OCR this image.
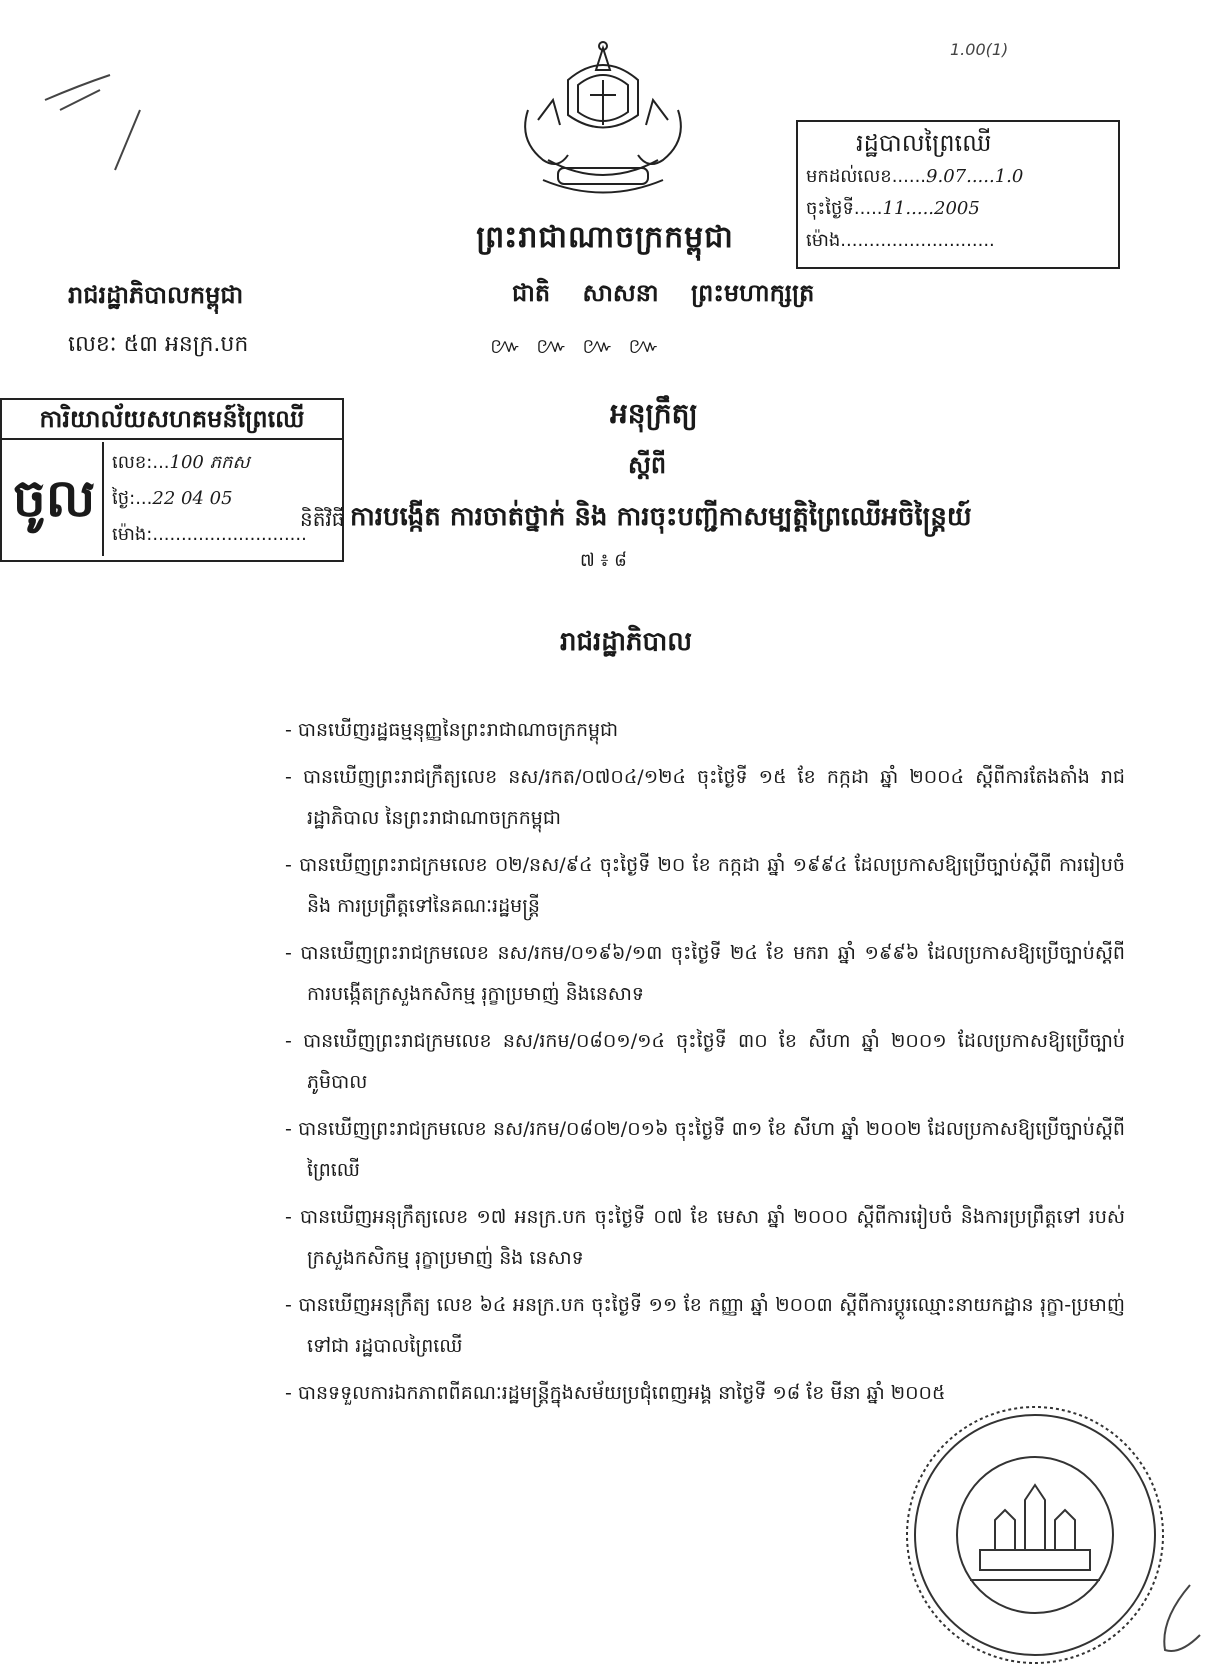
ព្រះរាជាណាចក្រកម្ពុជា
រាជរដ្ឋាភិបាលកម្ពុជា	ជាតិ សាសនា ព្រះមហាក្សត្រ
លេខៈ ៥៣ អនក្រ.បក	៚ ៚ ៚ ៚
1.00(1)
រដ្ឋបាលព្រៃឈើ
មកដល់លេខ......9.07.....1.0
ចុះថ្ងៃទី.....11.....2005
ម៉ោង...........................
ការិយាល័យសហគមន៍ព្រៃឈើ
ចូល
លេខ:...100 ភកស
ថ្ងៃ:...22 04 05
ម៉ោង:...........................
និតិវិធី
អនុក្រឹត្យ
ស្តីពី
ការបង្កើត ការចាត់ថ្នាក់ និង ការចុះបញ្ជីកាសម្បត្តិព្រៃឈើអចិន្ត្រៃយ៍
៧ ៖ ៨
រាជរដ្ឋាភិបាល
- បានឃើញរដ្ឋធម្មនុញ្ញនៃព្រះរាជាណាចក្រកម្ពុជា
- បានឃើញព្រះរាជក្រឹត្យលេខ នស/រកត/០៧០៤/១២៤ ចុះថ្ងៃទី ១៥ ខែ កក្កដា ឆ្នាំ ២០០៤ ស្តីពីការតែងតាំង រាជរដ្ឋាភិបាល នៃព្រះរាជាណាចក្រកម្ពុជា
- បានឃើញព្រះរាជក្រមលេខ ០២/នស/៩៤ ចុះថ្ងៃទី ២០ ខែ កក្កដា ឆ្នាំ ១៩៩៤ ដែលប្រកាសឱ្យប្រើច្បាប់ស្តីពី ការរៀបចំ និង ការប្រព្រឹត្តទៅនៃគណៈរដ្ឋមន្ត្រី
- បានឃើញព្រះរាជក្រមលេខ នស/រកម/០១៩៦/១៣ ចុះថ្ងៃទី ២៤ ខែ មករា ឆ្នាំ ១៩៩៦ ដែលប្រកាសឱ្យប្រើច្បាប់ស្តីពីការបង្កើតក្រសួងកសិកម្ម រុក្ខាប្រមាញ់ និងនេសាទ
- បានឃើញព្រះរាជក្រមលេខ នស/រកម/០៨០១/១៤ ចុះថ្ងៃទី ៣០ ខែ សីហា ឆ្នាំ ២០០១ ដែលប្រកាសឱ្យប្រើច្បាប់ ភូមិបាល
- បានឃើញព្រះរាជក្រមលេខ នស/រកម/០៨០២/០១៦ ចុះថ្ងៃទី ៣១ ខែ សីហា ឆ្នាំ ២០០២ ដែលប្រកាសឱ្យប្រើច្បាប់ស្តីពីព្រៃឈើ
- បានឃើញអនុក្រឹត្យលេខ ១៧ អនក្រ.បក ចុះថ្ងៃទី ០៧ ខែ មេសា ឆ្នាំ ២០០០ ស្តីពីការរៀបចំ និងការប្រព្រឹត្តទៅ របស់ក្រសួងកសិកម្ម រុក្ខាប្រមាញ់ និង នេសាទ
- បានឃើញអនុក្រឹត្យ លេខ ៦៤ អនក្រ.បក ចុះថ្ងៃទី ១១ ខែ កញ្ញា ឆ្នាំ ២០០៣ ស្តីពីការប្តូរឈ្មោះនាយកដ្ឋាន រុក្ខា-ប្រមាញ់ ទៅជា រដ្ឋបាលព្រៃឈើ
- បានទទួលការឯកភាពពីគណៈរដ្ឋមន្ត្រីក្នុងសម័យប្រជុំពេញអង្គ នាថ្ងៃទី ១៨ ខែ មីនា ឆ្នាំ ២០០៥
